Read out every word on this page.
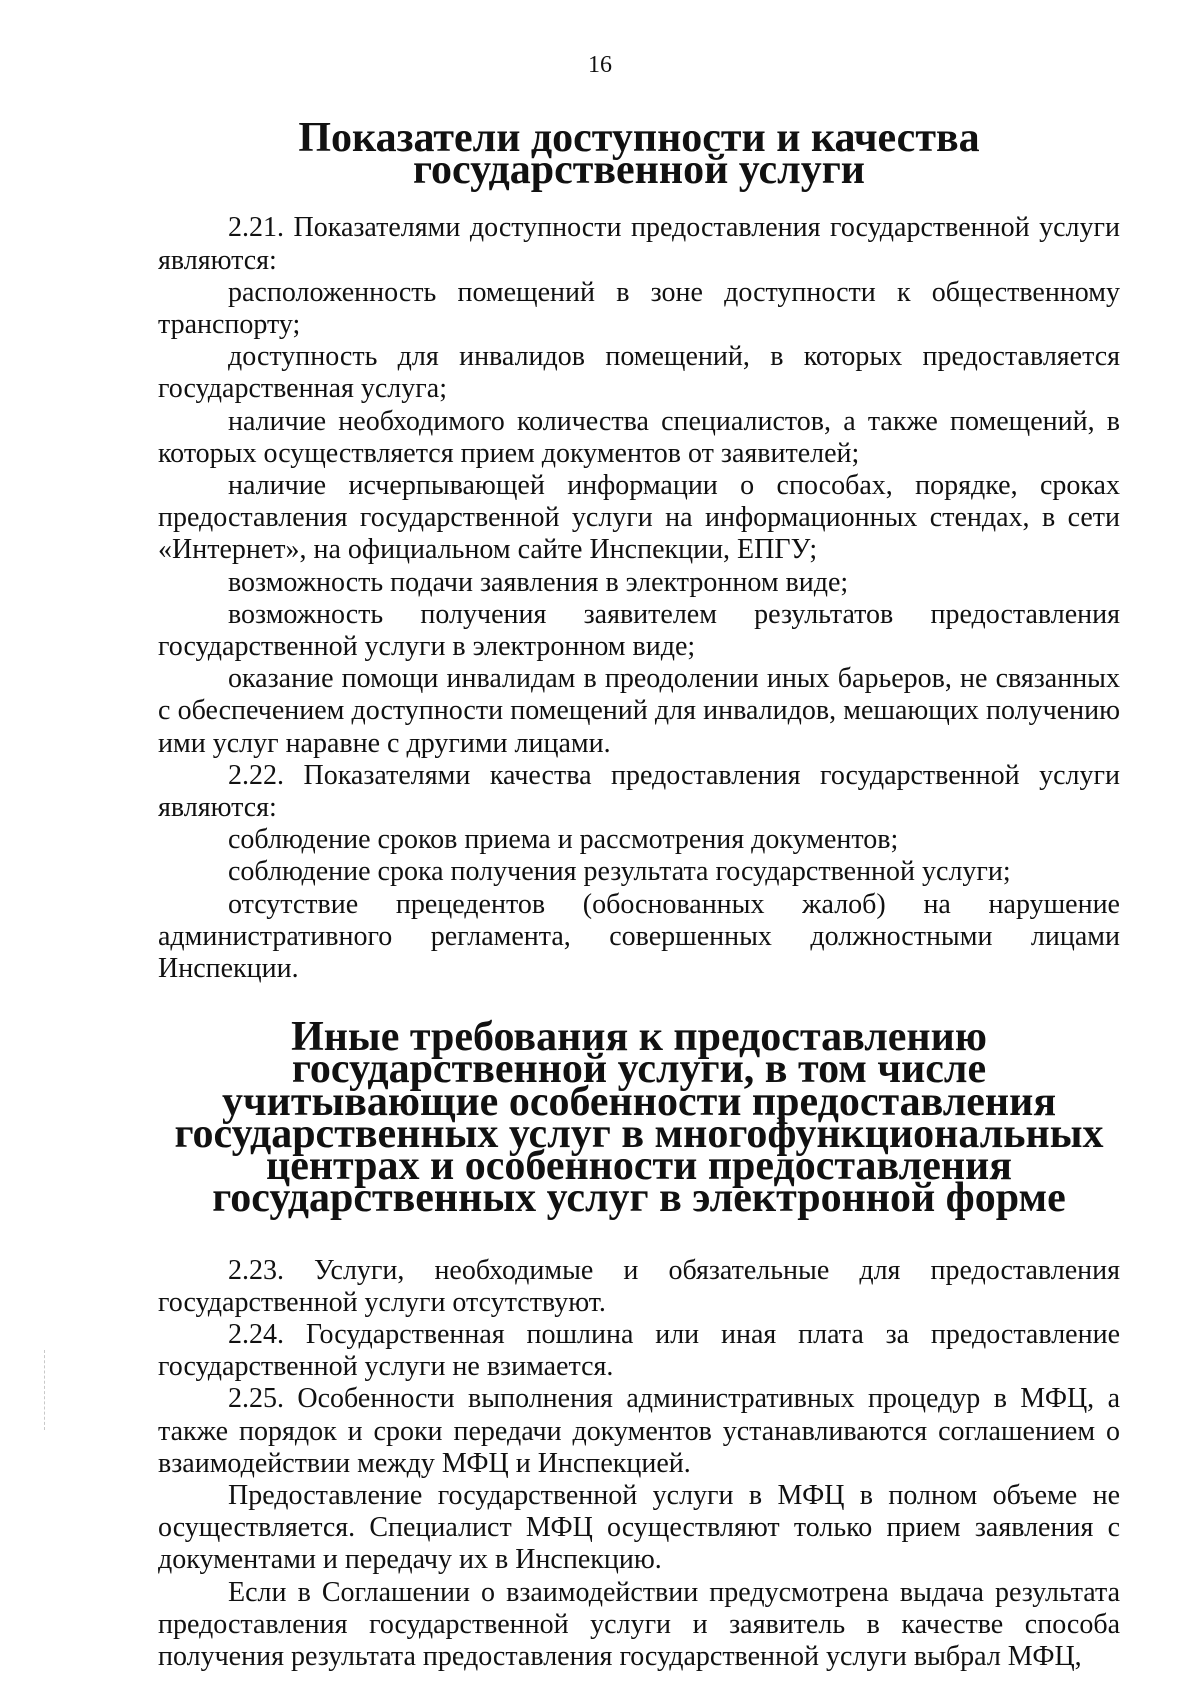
16
Показатели доступности и качества государственной услуги

2.21. Показателями доступности предоставления государственной услуги являются:

расположенность помещений в зоне доступности к общественному транспорту;

доступность для инвалидов помещений, в которых предоставляется государственная услуга;

наличие необходимого количества специалистов, а также помещений, в которых осуществляется прием документов от заявителей;

наличие исчерпывающей информации о способах, порядке, сроках предоставления государственной услуги на информационных стендах, в сети «Интернет», на официальном сайте Инспекции, ЕПГУ;

возможность подачи заявления в электронном виде;

возможность получения заявителем результатов предоставления государственной услуги в электронном виде;

оказание помощи инвалидам в преодолении иных барьеров, не связанных с обеспечением доступности помещений для инвалидов, мешающих получению ими услуг наравне с другими лицами.

2.22. Показателями качества предоставления государственной услуги являются:

соблюдение сроков приема и рассмотрения документов;

соблюдение срока получения результата государственной услуги;

отсутствие прецедентов (обоснованных жалоб) на нарушение административного регламента, совершенных должностными лицами Инспекции.

Иные требования к предоставлению государственной услуги, в том числе учитывающие особенности предоставления государственных услуг в многофункциональных центрах и особенности предоставления государственных услуг в электронной форме

2.23. Услуги, необходимые и обязательные для предоставления государственной услуги отсутствуют.

2.24. Государственная пошлина или иная плата за предоставление государственной услуги не взимается.

2.25. Особенности выполнения административных процедур в МФЦ, а также порядок и сроки передачи документов устанавливаются соглашением о взаимодействии между МФЦ и Инспекцией.

Предоставление государственной услуги в МФЦ в полном объеме не осуществляется. Специалист МФЦ осуществляют только прием заявления с документами и передачу их в Инспекцию.

Если в Соглашении о взаимодействии предусмотрена выдача результата предоставления государственной услуги и заявитель в качестве способа получения результата предоставления государственной услуги выбрал МФЦ,
